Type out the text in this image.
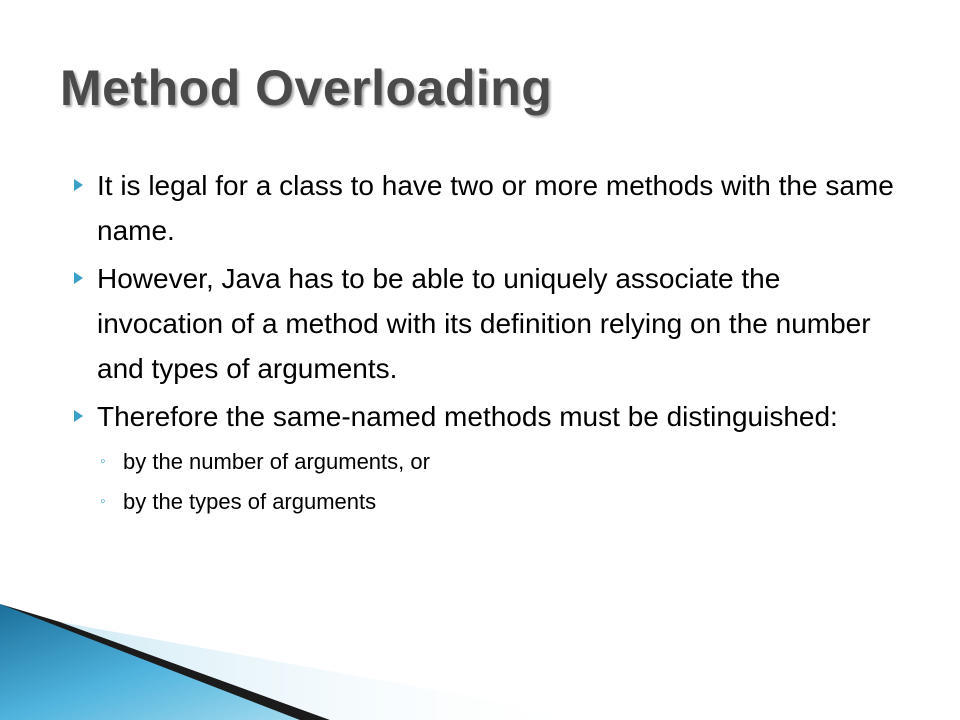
Method Overloading
It is legal for a class to have two or more methods with the same name.
However, Java has to be able to uniquely associate the invocation of a method with its definition relying on the number and types of arguments.
Therefore the same-named methods must be distinguished:
◦ by the number of arguments, or
◦ by the types of arguments
